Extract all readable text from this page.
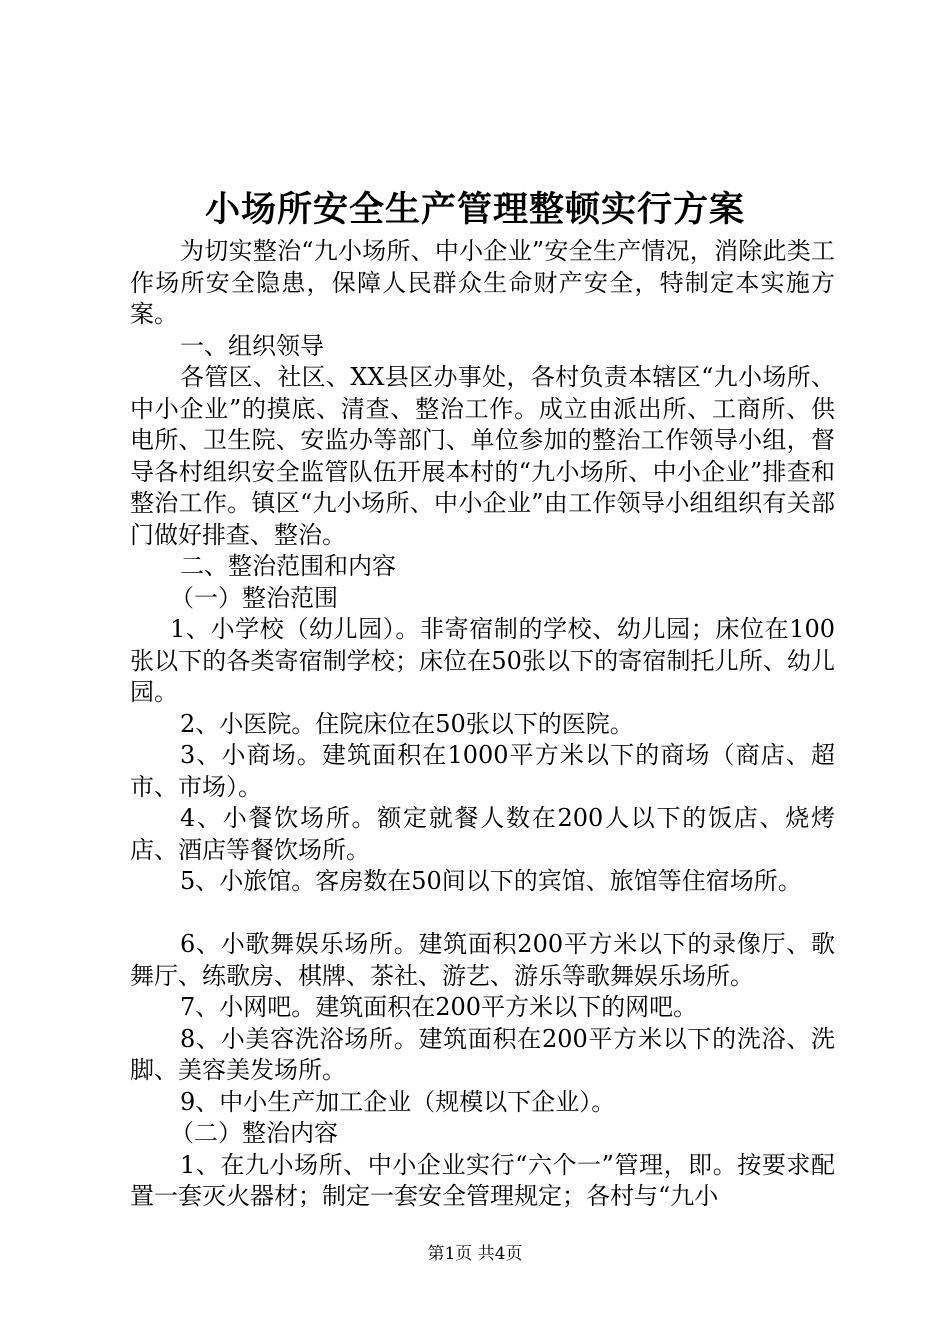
小场所安全生产管理整顿实行方案

为切实整治“九小场所、中小企业”安全生产情况，消除此类工作场所安全隐患，保障人民群众生命财产安全，特制定本实施方案。

一、组织领导

各管区、社区、XX县区办事处，各村负责本辖区“九小场所、中小企业”的摸底、清查、整治工作。成立由派出所、工商所、供电所、卫生院、安监办等部门、单位参加的整治工作领导小组，督导各村组织安全监管队伍开展本村的“九小场所、中小企业”排查和整治工作。镇区“九小场所、中小企业”由工作领导小组组织有关部门做好排查、整治。

二、整治范围和内容

（一）整治范围

1、小学校（幼儿园）。非寄宿制的学校、幼儿园；床位在100张以下的各类寄宿制学校；床位在50张以下的寄宿制托儿所、幼儿园。

2、小医院。住院床位在50张以下的医院。

3、小商场。建筑面积在1000平方米以下的商场（商店、超市、市场）。

4、小餐饮场所。额定就餐人数在200人以下的饭店、烧烤店、酒店等餐饮场所。

5、小旅馆。客房数在50间以下的宾馆、旅馆等住宿场所。

6、小歌舞娱乐场所。建筑面积200平方米以下的录像厅、歌舞厅、练歌房、棋牌、茶社、游艺、游乐等歌舞娱乐场所。

7、小网吧。建筑面积在200平方米以下的网吧。

8、小美容洗浴场所。建筑面积在200平方米以下的洗浴、洗脚、美容美发场所。

9、中小生产加工企业（规模以下企业）。

（二）整治内容

1、在九小场所、中小企业实行“六个一”管理，即。按要求配置一套灭火器材；制定一套安全管理规定；各村与“九小

第1页 共4页
